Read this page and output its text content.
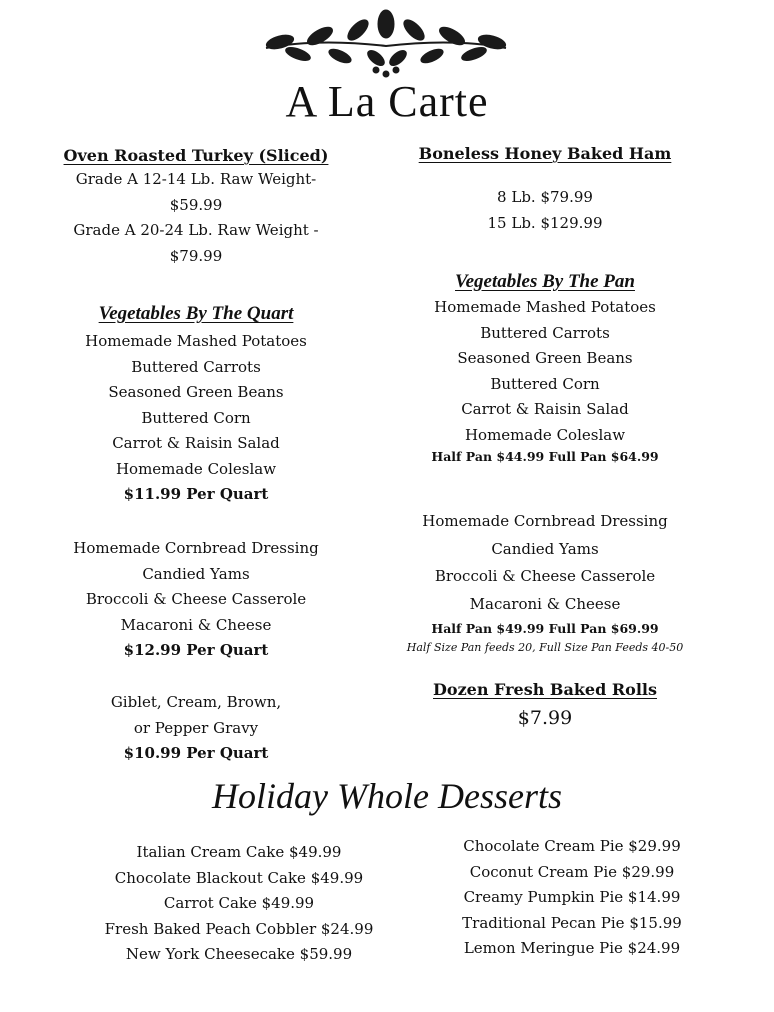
A La Carte
Oven Roasted Turkey (Sliced)
Grade A 12-14 Lb. Raw Weight-
$59.99
Grade A 20-24 Lb. Raw Weight -
$79.99
Vegetables By The Quart
Homemade Mashed Potatoes
Buttered Carrots
Seasoned Green Beans
Buttered Corn
Carrot & Raisin Salad
Homemade Coleslaw
$11.99 Per Quart
Homemade Cornbread Dressing
Candied Yams
Broccoli & Cheese Casserole
Macaroni & Cheese
$12.99 Per Quart
Giblet, Cream, Brown,
or Pepper Gravy
$10.99 Per Quart
Boneless Honey Baked Ham
8 Lb. $79.99
15 Lb. $129.99
Vegetables By The Pan
Homemade Mashed Potatoes
Buttered Carrots
Seasoned Green Beans
Buttered Corn
Carrot & Raisin Salad
Homemade Coleslaw
Half Pan $44.99 Full Pan $64.99
Homemade Cornbread Dressing
Candied Yams
Broccoli & Cheese Casserole
Macaroni & Cheese
Half Pan $49.99 Full Pan $69.99
Half Size Pan feeds 20, Full Size Pan Feeds 40-50
Dozen Fresh Baked Rolls
$7.99
Holiday Whole Desserts
Italian Cream Cake $49.99
Chocolate Blackout Cake $49.99
Carrot Cake $49.99
Fresh Baked Peach Cobbler $24.99
New York Cheesecake $59.99
Chocolate Cream Pie $29.99
Coconut Cream Pie $29.99
Creamy Pumpkin Pie $14.99
Traditional Pecan Pie $15.99
Lemon Meringue Pie $24.99
